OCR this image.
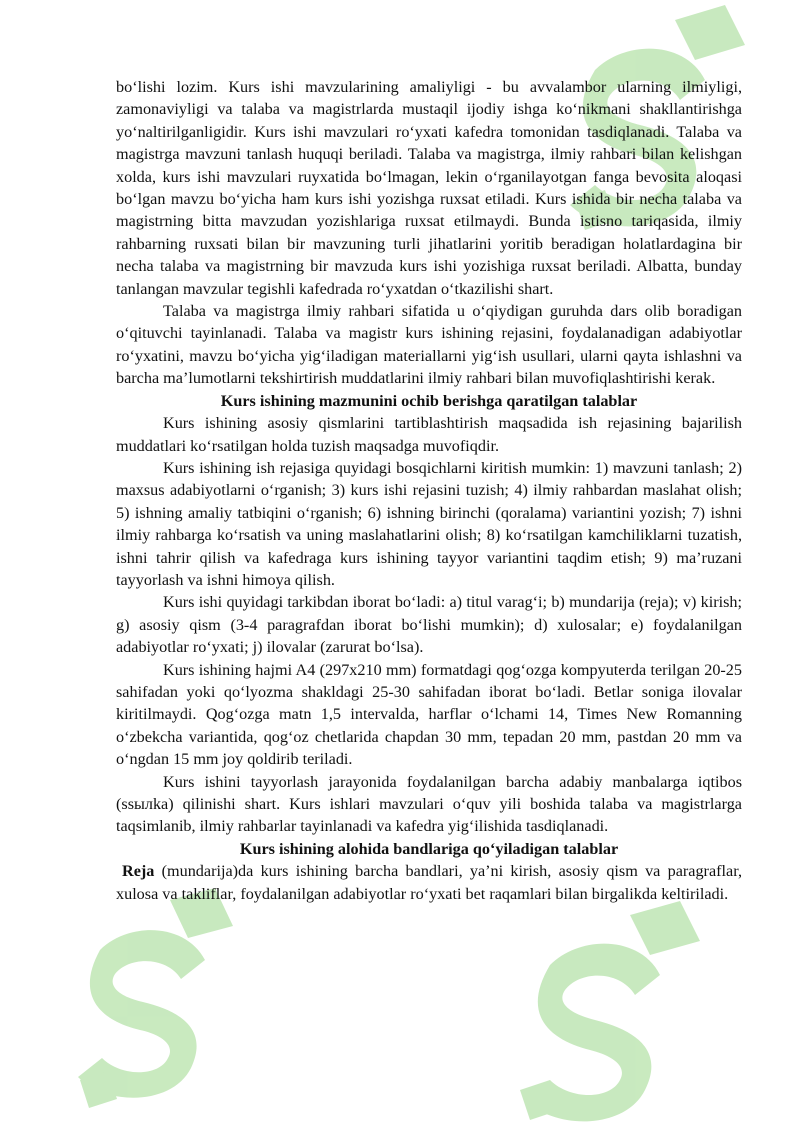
bo‘lishi lozim. Kurs ishi mavzularining amaliyligi - bu avvalambor ularning ilmiyligi, zamonaviyligi va talaba va magistrlarda mustaqil ijodiy ishga ko‘nikmani shakllantirishga yo‘naltirilganligidir. Kurs ishi mavzulari ro‘yxati kafedra tomonidan tasdiqlanadi. Talaba va magistrga mavzuni tanlash huquqi beriladi. Talaba va magistrga, ilmiy rahbari bilan kelishgan xolda, kurs ishi mavzulari ruyxatida bo‘lmagan, lekin o‘rganilayotgan fanga bevosita aloqasi bo‘lgan mavzu bo‘yicha ham kurs ishi yozishga ruxsat etiladi. Kurs ishida bir necha talaba va magistrning bitta mavzudan yozishlariga ruxsat etilmaydi. Bunda istisno tariqasida, ilmiy rahbarning ruxsati bilan bir mavzuning turli jihatlarini yoritib beradigan holatlardagina bir necha talaba va magistrning bir mavzuda kurs ishi yozishiga ruxsat beriladi. Albatta, bunday tanlangan mavzular tegishli kafedrada ro‘yxatdan o‘tkazilishi shart.

Talaba va magistrga ilmiy rahbari sifatida u o‘qiydigan guruhda dars olib boradigan o‘qituvchi tayinlanadi. Talaba va magistr kurs ishining rejasini, foydalanadigan adabiyotlar ro‘yxatini, mavzu bo‘yicha yig‘iladigan materiallarni yig‘ish usullari, ularni qayta ishlashni va barcha ma’lumotlarni tekshirtirish muddatlarini ilmiy rahbari bilan muvofiqlashtirishi kerak.

Kurs ishining mazmunini ochib berishga qaratilgan talablar

Kurs ishining asosiy qismlarini tartiblashtirish maqsadida ish rejasining bajarilish muddatlari ko‘rsatilgan holda tuzish maqsadga muvofiqdir.

Kurs ishining ish rejasiga quyidagi bosqichlarni kiritish mumkin: 1) mavzuni tanlash; 2) maxsus adabiyotlarni o‘rganish; 3) kurs ishi rejasini tuzish; 4) ilmiy rahbardan maslahat olish; 5) ishning amaliy tatbiqini o‘rganish; 6) ishning birinchi (qoralama) variantini yozish; 7) ishni ilmiy rahbarga ko‘rsatish va uning maslahatlarini olish; 8) ko‘rsatilgan kamchiliklarni tuzatish, ishni tahrir qilish va kafedraga kurs ishining tayyor variantini taqdim etish; 9) ma’ruzani tayyorlash va ishni himoya qilish.

Kurs ishi quyidagi tarkibdan iborat bo‘ladi: a) titul varag‘i; b) mundarija (reja); v) kirish; g) asosiy qism (3-4 paragrafdan iborat bo‘lishi mumkin); d) xulosalar; e) foydalanilgan adabiyotlar ro‘yxati; j) ilovalar (zarurat bo‘lsa).

Kurs ishining hajmi A4 (297x210 mm) formatdagi qog‘ozga kompyuterda terilgan 20-25 sahifadan yoki qo‘lyozma shakldagi 25-30 sahifadan iborat bo‘ladi. Betlar soniga ilovalar kiritilmaydi. Qog‘ozga matn 1,5 intervalda, harflar o‘lchami 14, Times New Romanning o‘zbekcha variantida, qog‘oz chetlarida chapdan 30 mm, tepadan 20 mm, pastdan 20 mm va o‘ngdan 15 mm joy qoldirib teriladi.

Kurs ishini tayyorlash jarayonida foydalanilgan barcha adabiy manbalarga iqtibos (ssылka) qilinishi shart. Kurs ishlari mavzulari o‘quv yili boshida talaba va magistrlarga taqsimlanib, ilmiy rahbarlar tayinlanadi va kafedra yig‘ilishida tasdiqlanadi.

Kurs ishining alohida bandlariga qo‘yiladigan talablar

Reja (mundarija)da kurs ishining barcha bandlari, ya’ni kirish, asosiy qism va paragraflar, xulosa va takliflar, foydalanilgan adabiyotlar ro‘yxati bet raqamlari bilan birgalikda keltiriladi.
